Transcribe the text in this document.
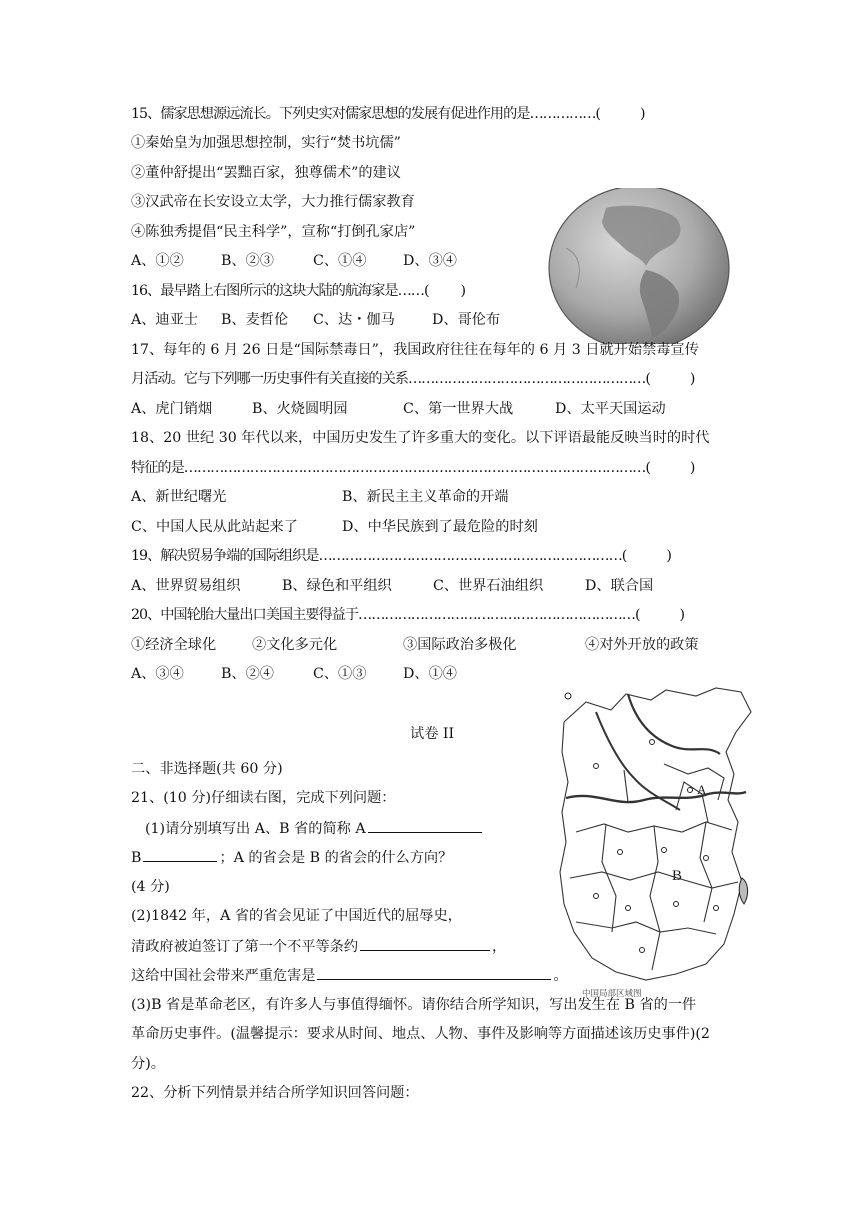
15、儒家思想源远流长。下列史实对儒家思想的发展有促进作用的是……………(	)
①秦始皇为加强思想控制，实行“焚书坑儒”
②董仲舒提出“罢黜百家，独尊儒术”的建议
③汉武帝在长安设立太学，大力推行儒家教育
④陈独秀提倡“民主科学”，宣称“打倒孔家店”
A、①②	B、②③	C、①④	D、③④
16、最早踏上右图所示的这块大陆的航海家是……( )
A、迪亚士 B、麦哲伦 C、达・伽马	D、哥伦布
17、每年的 6 月 26 日是“国际禁毒日”，我国政府往往在每年的 6 月 3 日就开始禁毒宣传
月活动。它与下列哪一历史事件有关直接的关系………………………………………………(	)
A、虎门销烟	B、火烧圆明园	C、第一世界大战	D、太平天国运动
18、20 世纪 30 年代以来，中国历史发生了许多重大的变化。以下评语最能反映当时的时代
特征的是……………………………………………………………………………………………(	)
A、新世纪曙光	B、新民主主义革命的开端
C、中国人民从此站起来了	D、中华民族到了最危险的时刻
19、解决贸易争端的国际组织是……………………………………………………………(	)
A、世界贸易组织	B、绿色和平组织	C、世界石油组织	D、联合国
20、中国轮胎大量出口美国主要得益于………………………………………………………(	)
①经济全球化	②文化多元化	③国际政治多极化	④对外开放的政策
A、③④	B、②④	C、①③	D、①④
A
B
中国局部区域图
试卷 II
二、非选择题(共 60 分)
21、(10 分)仔细读右图，完成下列问题：
(1)请分别填写出 A、B 省的简称 A
B	；A 的省会是 B 的省会的什么方向？
(4 分)
(2)1842 年，A 省的省会见证了中国近代的屈辱史，
清政府被迫签订了第一个不平等条约	，
这给中国社会带来严重危害是	。
(3)B 省是革命老区，有许多人与事值得缅怀。请你结合所学知识，写出发生在 B 省的一件
革命历史事件。(温馨提示：要求从时间、地点、人物、事件及影响等方面描述该历史事件)(2
分)。
22、分析下列情景并结合所学知识回答问题：
